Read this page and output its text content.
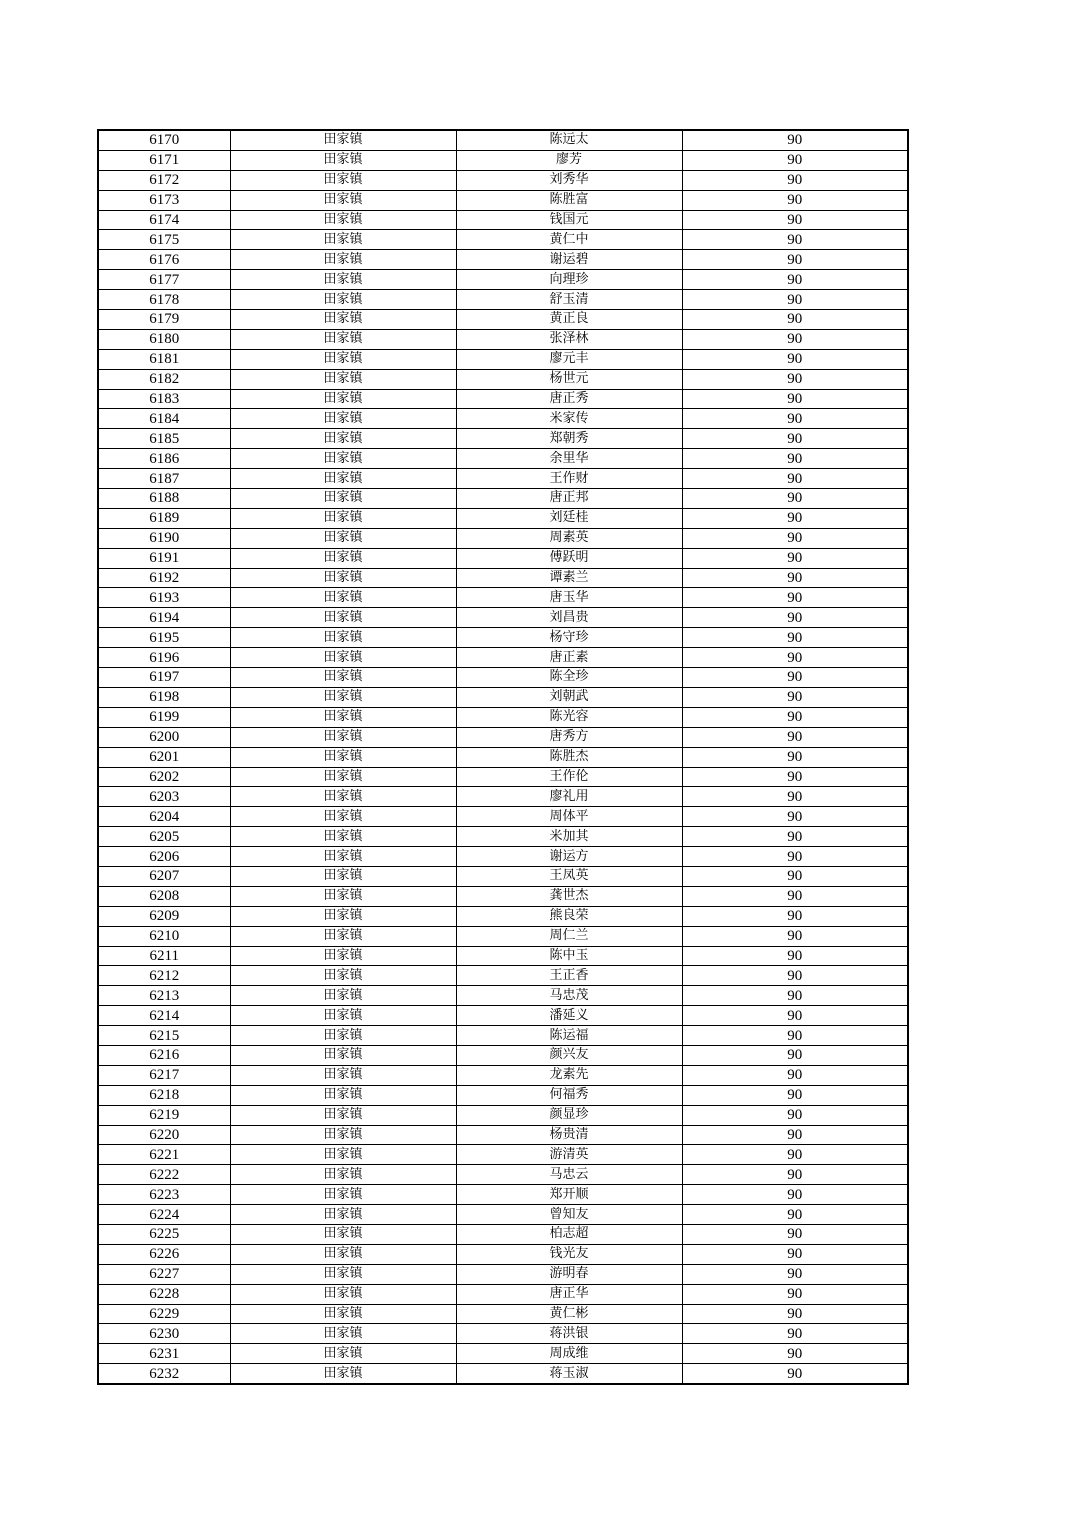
6170	田家镇	陈远太	90
6171	田家镇	廖芳	90
6172	田家镇	刘秀华	90
6173	田家镇	陈胜富	90
6174	田家镇	钱国元	90
6175	田家镇	黄仁中	90
6176	田家镇	谢运碧	90
6177	田家镇	向理珍	90
6178	田家镇	舒玉清	90
6179	田家镇	黄正良	90
6180	田家镇	张泽林	90
6181	田家镇	廖元丰	90
6182	田家镇	杨世元	90
6183	田家镇	唐正秀	90
6184	田家镇	米家传	90
6185	田家镇	郑朝秀	90
6186	田家镇	余里华	90
6187	田家镇	王作财	90
6188	田家镇	唐正邦	90
6189	田家镇	刘廷桂	90
6190	田家镇	周素英	90
6191	田家镇	傅跃明	90
6192	田家镇	谭素兰	90
6193	田家镇	唐玉华	90
6194	田家镇	刘昌贵	90
6195	田家镇	杨守珍	90
6196	田家镇	唐正素	90
6197	田家镇	陈全珍	90
6198	田家镇	刘朝武	90
6199	田家镇	陈光容	90
6200	田家镇	唐秀方	90
6201	田家镇	陈胜杰	90
6202	田家镇	王作伦	90
6203	田家镇	廖礼用	90
6204	田家镇	周体平	90
6205	田家镇	米加其	90
6206	田家镇	谢运方	90
6207	田家镇	王凤英	90
6208	田家镇	龚世杰	90
6209	田家镇	熊良荣	90
6210	田家镇	周仁兰	90
6211	田家镇	陈中玉	90
6212	田家镇	王正香	90
6213	田家镇	马忠茂	90
6214	田家镇	潘延义	90
6215	田家镇	陈运福	90
6216	田家镇	颜兴友	90
6217	田家镇	龙素先	90
6218	田家镇	何福秀	90
6219	田家镇	颜显珍	90
6220	田家镇	杨贵清	90
6221	田家镇	游清英	90
6222	田家镇	马忠云	90
6223	田家镇	郑开顺	90
6224	田家镇	曾知友	90
6225	田家镇	柏志超	90
6226	田家镇	钱光友	90
6227	田家镇	游明春	90
6228	田家镇	唐正华	90
6229	田家镇	黄仁彬	90
6230	田家镇	蒋洪银	90
6231	田家镇	周成维	90
6232	田家镇	蒋玉淑	90
